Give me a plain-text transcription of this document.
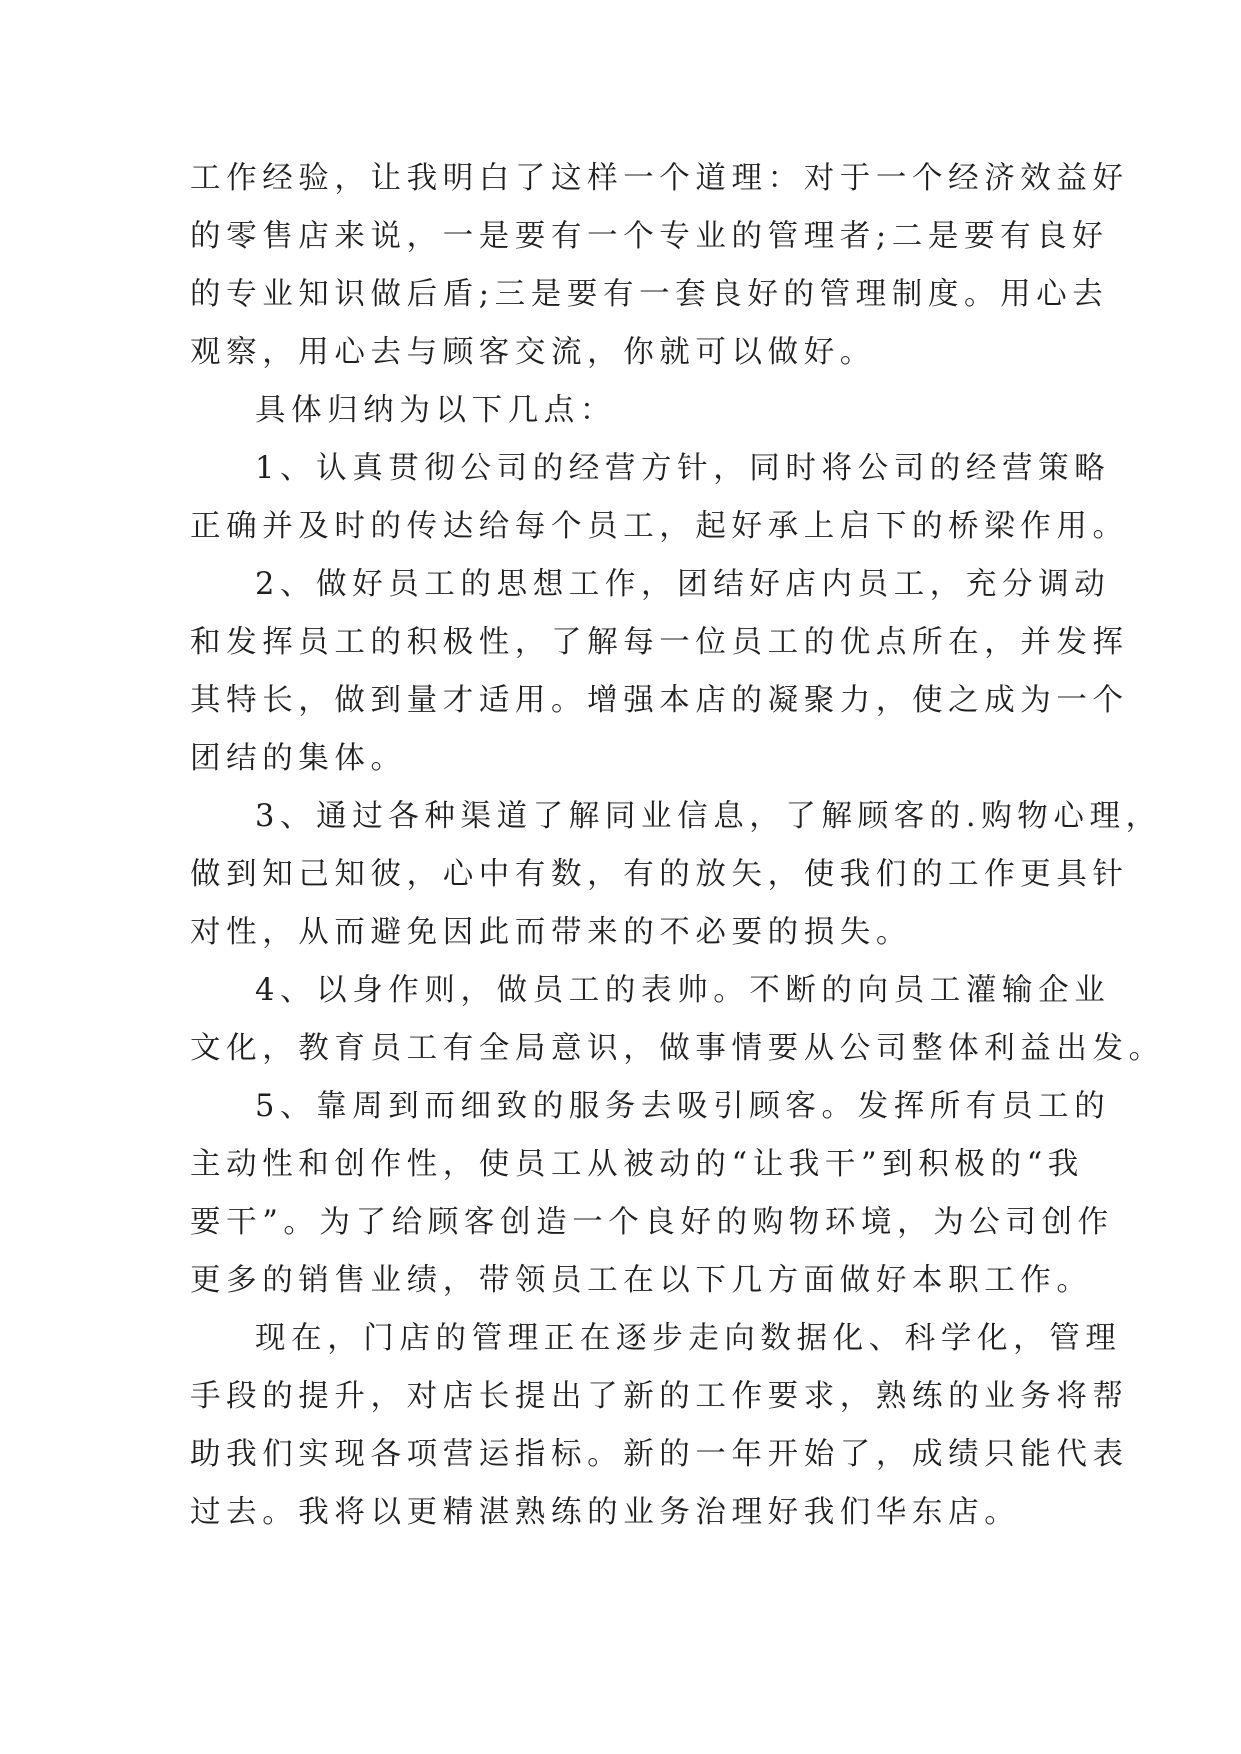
工作经验，让我明白了这样一个道理：对于一个经济效益好
的零售店来说，一是要有一个专业的管理者;二是要有良好
的专业知识做后盾;三是要有一套良好的管理制度。用心去
观察，用心去与顾客交流，你就可以做好。
具体归纳为以下几点：
1、认真贯彻公司的经营方针，同时将公司的经营策略
正确并及时的传达给每个员工，起好承上启下的桥梁作用。
2、做好员工的思想工作，团结好店内员工，充分调动
和发挥员工的积极性，了解每一位员工的优点所在，并发挥
其特长，做到量才适用。增强本店的凝聚力，使之成为一个
团结的集体。
3、通过各种渠道了解同业信息，了解顾客的.购物心理，
做到知己知彼，心中有数，有的放矢，使我们的工作更具针
对性，从而避免因此而带来的不必要的损失。
4、以身作则，做员工的表帅。不断的向员工灌输企业
文化，教育员工有全局意识，做事情要从公司整体利益出发。
5、靠周到而细致的服务去吸引顾客。发挥所有员工的
主动性和创作性，使员工从被动的“让我干”到积极的“我
要干”。为了给顾客创造一个良好的购物环境，为公司创作
更多的销售业绩，带领员工在以下几方面做好本职工作。
现在，门店的管理正在逐步走向数据化、科学化，管理
手段的提升，对店长提出了新的工作要求，熟练的业务将帮
助我们实现各项营运指标。新的一年开始了，成绩只能代表
过去。我将以更精湛熟练的业务治理好我们华东店。
